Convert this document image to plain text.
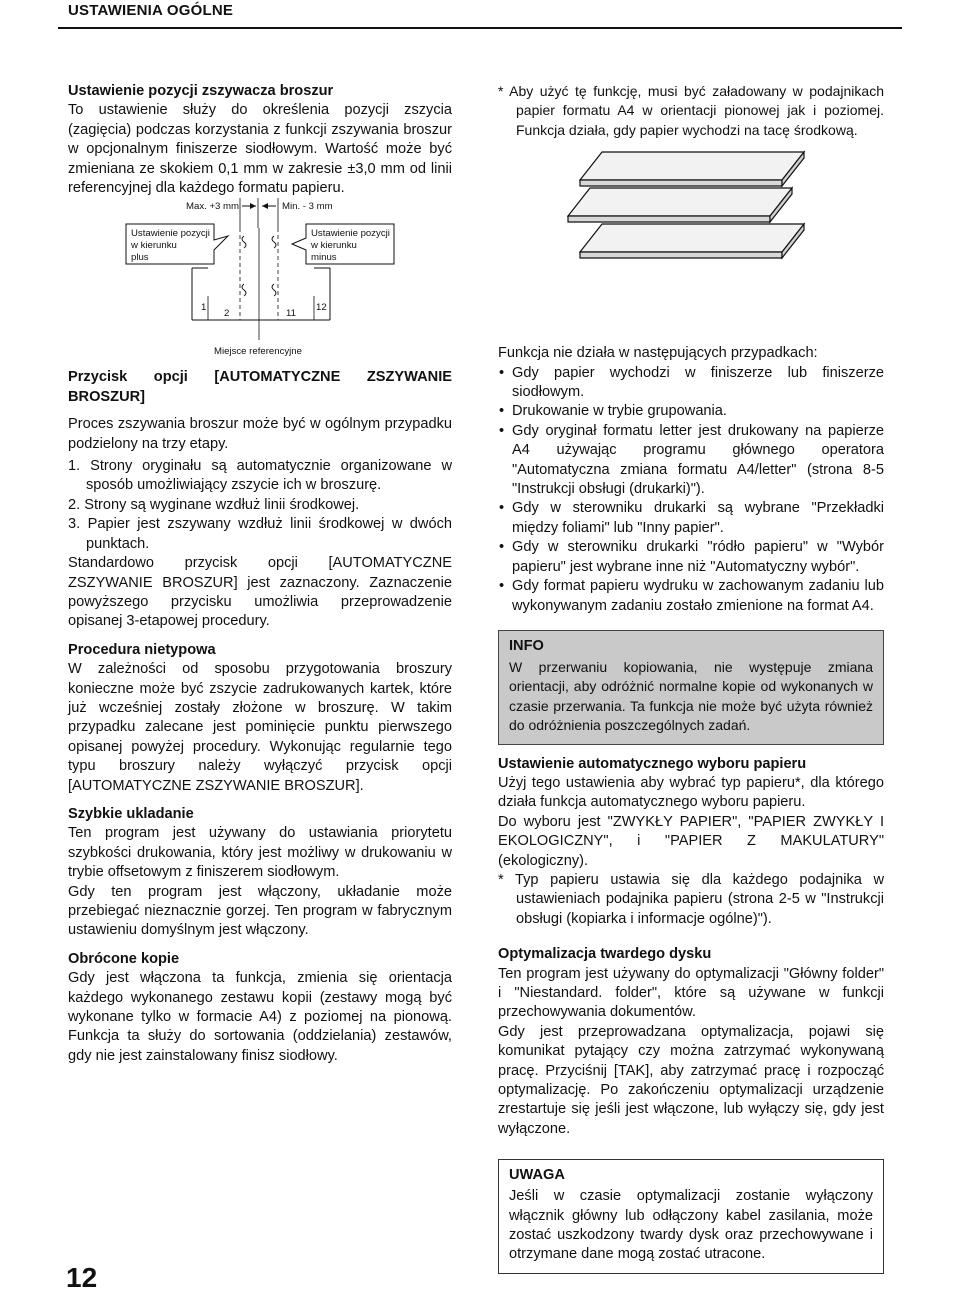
USTAWIENIA OGÓLNE
Ustawienie pozycji zszywacza broszur

To ustawienie służy do określenia pozycji zszycia (zagięcia) podczas korzystania z funkcji zszywania broszur w opcjonalnym finiszerze siodłowym. Wartość może być zmieniana ze skokiem 0,1 mm w zakresie ±3,0 mm od linii referencyjnej dla każdego formatu papieru.

Max. +3 mm	Min. - 3 mm
Ustawienie pozycji
w kierunku
plus
Ustawienie pozycji
w kierunku
minus
1
2	11
12
Miejsce referencyjne
Przycisk opcji [AUTOMATYCZNE ZSZYWANIE BROSZUR]

Proces zszywania broszur może być w ogólnym przypadku podzielony na trzy etapy.

1. Strony oryginału są automatycznie organizowane w sposób umożliwiający zszycie ich w broszurę.

2. Strony są wyginane wzdłuż linii środkowej.

3. Papier jest zszywany wzdłuż linii środkowej w dwóch punktach.

Standardowo przycisk opcji [AUTOMATYCZNE ZSZYWANIE BROSZUR] jest zaznaczony. Zaznaczenie powyższego przycisku umożliwia przeprowadzenie opisanej 3-etapowej procedury.

Procedura nietypowa

W zależności od sposobu przygotowania broszury konieczne może być zszycie zadrukowanych kartek, które już wcześniej zostały złożone w broszurę. W takim przypadku zalecane jest pominięcie punktu pierwszego opisanej powyżej procedury. Wykonując regularnie tego typu broszury należy wyłączyć przycisk opcji [AUTOMATYCZNE ZSZYWANIE BROSZUR].

Szybkie ukladanie

Ten program jest używany do ustawiania priorytetu szybkości drukowania, który jest możliwy w drukowaniu w trybie offsetowym z finiszerem siodłowym.

Gdy ten program jest włączony, układanie może przebiegać nieznacznie gorzej. Ten program w fabrycznym ustawieniu domyślnym jest włączony.

Obrócone kopie

Gdy jest włączona ta funkcja, zmienia się orientacja każdego wykonanego zestawu kopii (zestawy mogą być wykonane tylko w formacie A4) z poziomej na pionową. Funkcja ta służy do sortowania (oddzielania) zestawów, gdy nie jest zainstalowany finisz siodłowy.

* Aby użyć tę funkcję, musi być załadowany w podajnikach papier formatu A4 w orientacji pionowej jak i poziomej. Funkcja działa, gdy papier wychodzi na tacę środkową.

Funkcja nie działa w następujących przypadkach:

• Gdy papier wychodzi w finiszerze lub finiszerze siodłowym.
• Drukowanie w trybie grupowania.
• Gdy oryginał formatu letter jest drukowany na papierze A4 używając programu głównego operatora "Automatyczna zmiana formatu A4/letter" (strona 8-5 "Instrukcji obsługi (drukarki)").
• Gdy w sterowniku drukarki są wybrane "Przekładki między foliami" lub "Inny papier".
• Gdy w sterowniku drukarki "ródło papieru" w "Wybór papieru" jest wybrane inne niż "Automatyczny wybór".
• Gdy format papieru wydruku w zachowanym zadaniu lub wykonywanym zadaniu zostało zmienione na format A4.
INFO

W przerwaniu kopiowania, nie występuje zmiana orientacji, aby odróżnić normalne kopie od wykonanych w czasie przerwania. Ta funkcja nie może być użyta również do odróżnienia poszczególnych zadań.

Ustawienie automatycznego wyboru papieru

Użyj tego ustawienia aby wybrać typ papieru*, dla którego działa funkcja automatycznego wyboru papieru.

Do wyboru jest "ZWYKŁY PAPIER", "PAPIER ZWYKŁY I EKOLOGICZNY", i "PAPIER Z MAKULATURY" (ekologiczny).

* Typ papieru ustawia się dla każdego podajnika w ustawieniach podajnika papieru (strona 2-5 w "Instrukcji obsługi (kopiarka i informacje ogólne)").

Optymalizacja twardego dysku

Ten program jest używany do optymalizacji "Główny folder" i "Niestandard. folder", które są używane w funkcji przechowywania dokumentów.

Gdy jest przeprowadzana optymalizacja, pojawi się komunikat pytający czy można zatrzymać wykonywaną pracę. Przyciśnij [TAK], aby zatrzymać pracę i rozpocząć optymalizację. Po zakończeniu optymalizacji urządzenie zrestartuje się jeśli jest włączone, lub wyłączy się, gdy jest wyłączone.

UWAGA

Jeśli w czasie optymalizacji zostanie wyłączony włącznik główny lub odłączony kabel zasilania, może zostać uszkodzony twardy dysk oraz przechowywane i otrzymane dane mogą zostać utracone.

12
